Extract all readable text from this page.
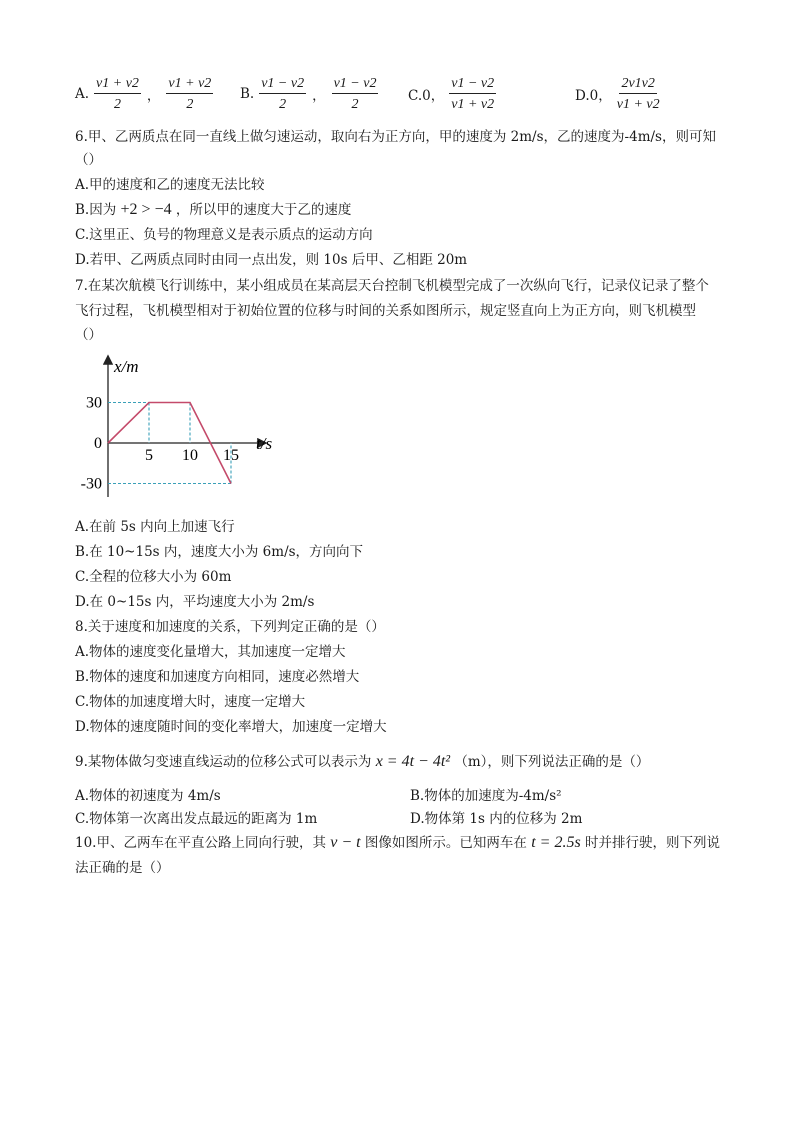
A. $\frac{v1 + v2}{2}$ ， $\frac{v1 + v2}{2} B$. $\frac{v1 - v2}{2}$ ， $\frac{v1 - v2}{2} C.0$， $\frac{v1 - v2}{v1 + v2}$	D.0， $\frac{2v1v2}{v1 + v2}$
6.甲、乙两质点在同一直线上做匀速运动，取向右为正方向，甲的速度为 2m/s，乙的速度为-4m/s，则可知
（）
A.甲的速度和乙的速度无法比较
B.因为 +2 > −4 ，所以甲的速度大于乙的速度
C.这里正、负号的物理意义是表示质点的运动方向
D.若甲、乙两质点同时由同一点出发，则 10s 后甲、乙相距 20m
7.在某次航模飞行训练中，某小组成员在某高层天台控制飞机模型完成了一次纵向飞行，记录仪记录了整个
飞行过程，飞机模型相对于初始位置的位移与时间的关系如图所示，规定竖直向上为正方向，则飞机模型
（）
x/m
t/s
5 10 15
30
0
-30
A.在前 5s 内向上加速飞行
B.在 10~15s 内，速度大小为 6m/s，方向向下
C.全程的位移大小为 60m
D.在 0~15s 内，平均速度大小为 2m/s
8.关于速度和加速度的关系，下列判定正确的是（）
A.物体的速度变化量增大，其加速度一定增大
B.物体的速度和加速度方向相同，速度必然增大
C.物体的加速度增大时，速度一定增大
D.物体的速度随时间的变化率增大，加速度一定增大
9.某物体做匀变速直线运动的位移公式可以表示为 x = 4t − 4t² （m），则下列说法正确的是（）
A.物体的初速度为 4m/s	B.物体的加速度为-4m/s²
C.物体第一次离出发点最远的距离为 1m	D.物体第 1s 内的位移为 2m
10.甲、乙两车在平直公路上同向行驶，其 v − t 图像如图所示。已知两车在 t = 2.5s 时并排行驶，则下列说
法正确的是（）
